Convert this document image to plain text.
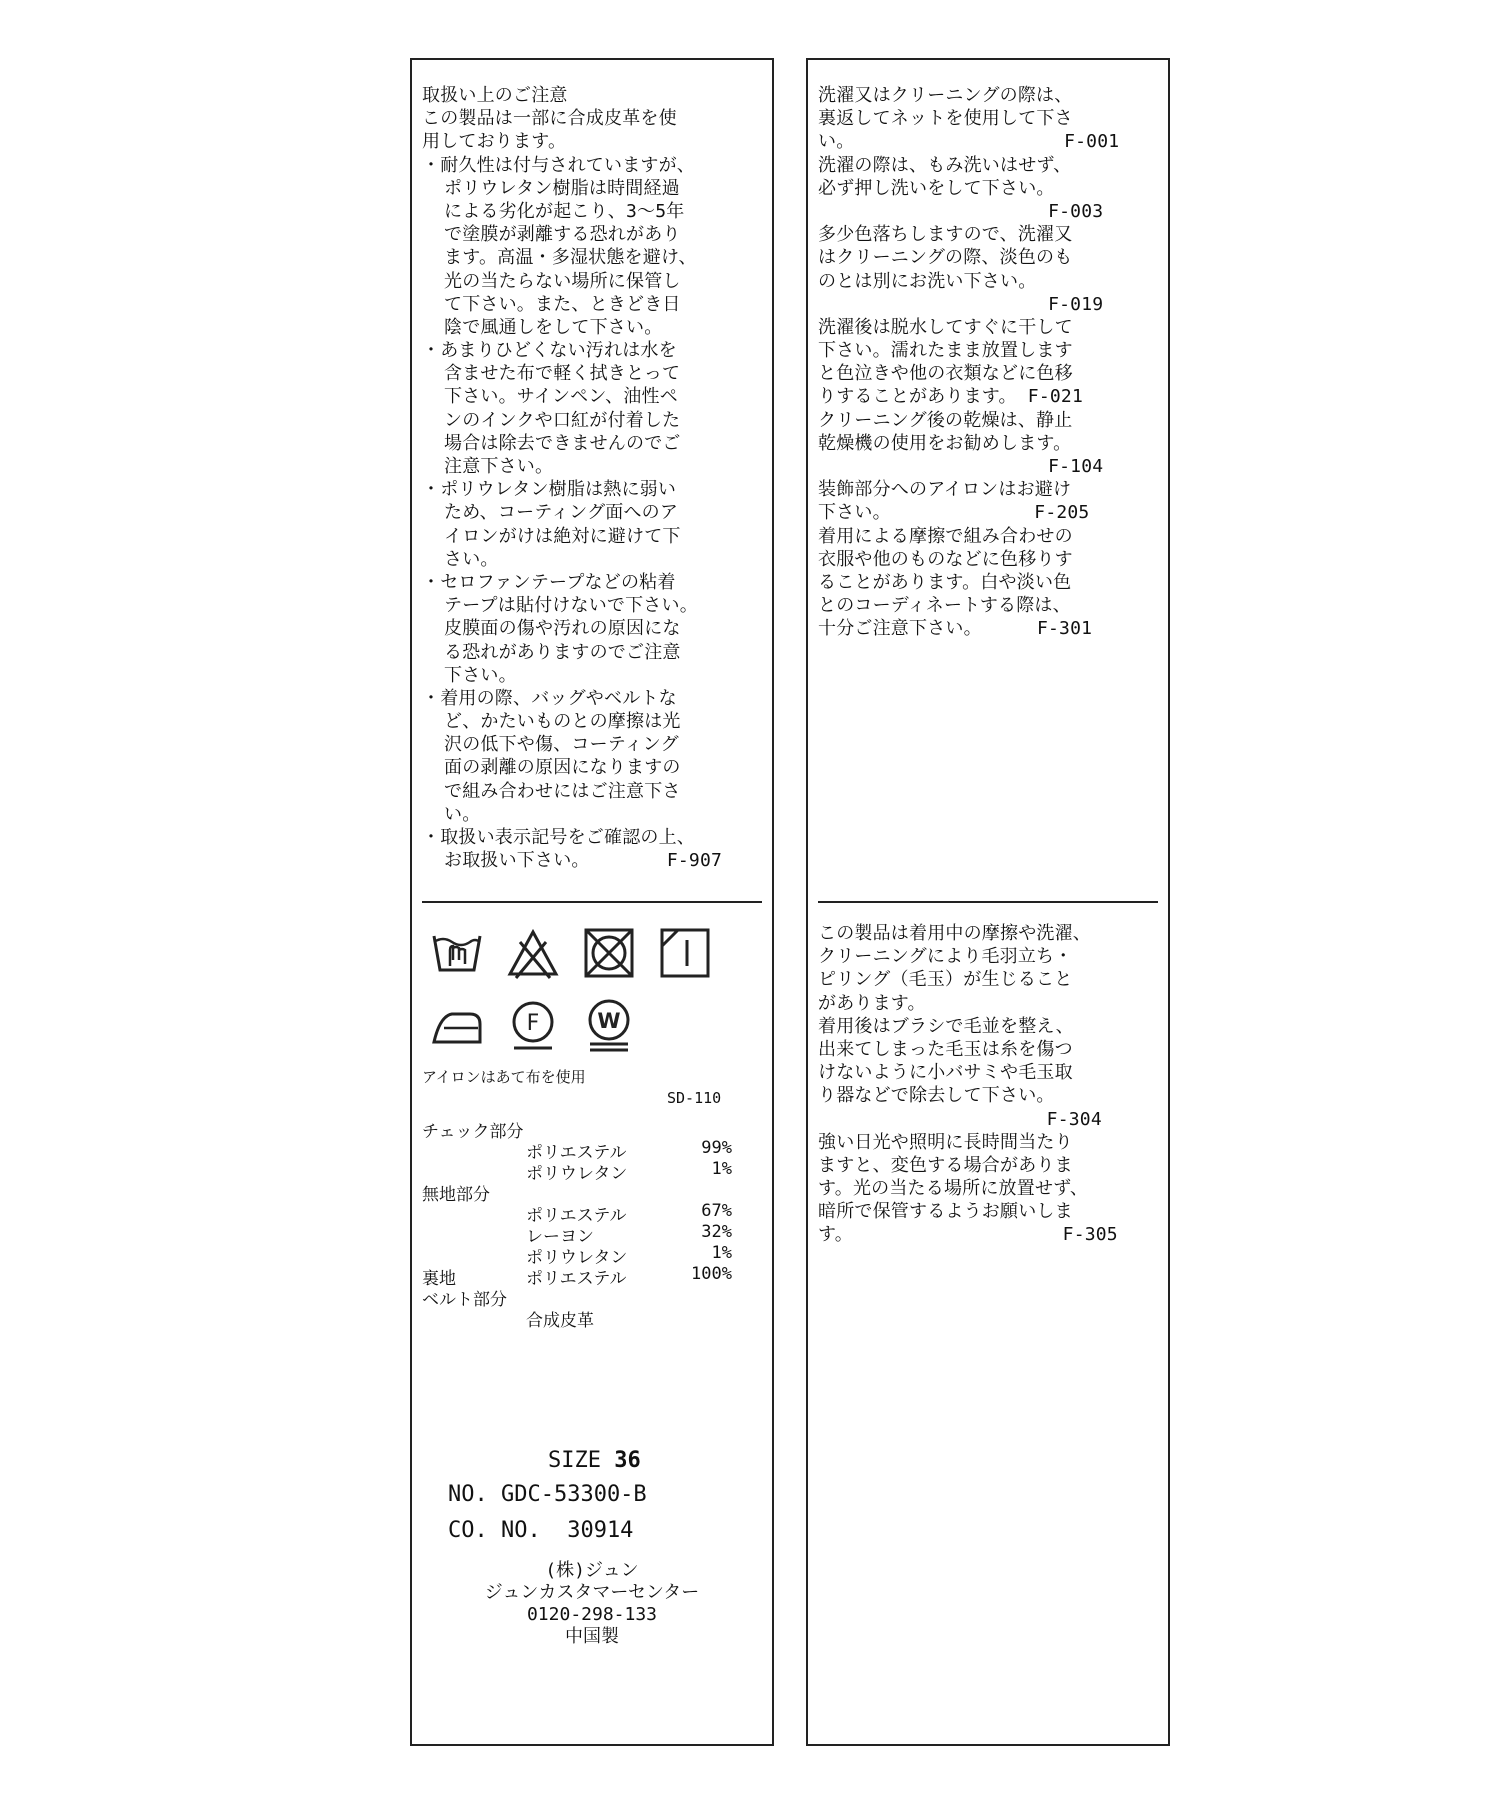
取扱い上のご注意
この製品は一部に合成皮革を使
用しております。
・耐久性は付与されていますが、
ポリウレタン樹脂は時間経過
による劣化が起こり、3～5年
で塗膜が剥離する恐れがあり
ます。高温・多湿状態を避け、
光の当たらない場所に保管し
て下さい。また、ときどき日
陰で風通しをして下さい。
・あまりひどくない汚れは水を
含ませた布で軽く拭きとって
下さい。サインペン、油性ペ
ンのインクや口紅が付着した
場合は除去できませんのでご
注意下さい。
・ポリウレタン樹脂は熱に弱い
ため、コーティング面へのア
イロンがけは絶対に避けて下
さい。
・セロファンテープなどの粘着
テープは貼付けないで下さい。
皮膜面の傷や汚れの原因にな
る恐れがありますのでご注意
下さい。
・着用の際、バッグやベルトな
ど、かたいものとの摩擦は光
沢の低下や傷、コーティング
面の剥離の原因になりますの
で組み合わせにはご注意下さ
い。
・取扱い表示記号をご確認の上、
お取扱い下さい。       F-907
F	W
アイロンはあて布を使用
SD-110
チェック部分
ポリエステル	99%
ポリウレタン	1%
無地部分
ポリエステル	67%
レーヨン	32%
ポリウレタン	1%
裏地	ポリエステル	100%
ベルト部分
合成皮革
SIZE 36
NO. GDC-53300-B
CO. NO.  30914
(株)ジュン
ジュンカスタマーセンター
0120-298-133
中国製
洗濯又はクリーニングの際は、
裏返してネットを使用して下さ
い。                   F-001
洗濯の際は、もみ洗いはせず、
必ず押し洗いをして下さい。
F-003
多少色落ちしますので、洗濯又
はクリーニングの際、淡色のも
のとは別にお洗い下さい。
F-019
洗濯後は脱水してすぐに干して
下さい。濡れたまま放置します
と色泣きや他の衣類などに色移
りすることがあります。 F-021
クリーニング後の乾燥は、静止
乾燥機の使用をお勧めします。
F-104
装飾部分へのアイロンはお避け
下さい。             F-205
着用による摩擦で組み合わせの
衣服や他のものなどに色移りす
ることがあります。白や淡い色
とのコーディネートする際は、
十分ご注意下さい。     F-301
この製品は着用中の摩擦や洗濯、
クリーニングにより毛羽立ち・
ピリング（毛玉）が生じること
があります。
着用後はブラシで毛並を整え、
出来てしまった毛玉は糸を傷つ
けないように小バサミや毛玉取
り器などで除去して下さい。
F-304
強い日光や照明に長時間当たり
ますと、変色する場合がありま
す。光の当たる場所に放置せず、
暗所で保管するようお願いしま
す。                   F-305
